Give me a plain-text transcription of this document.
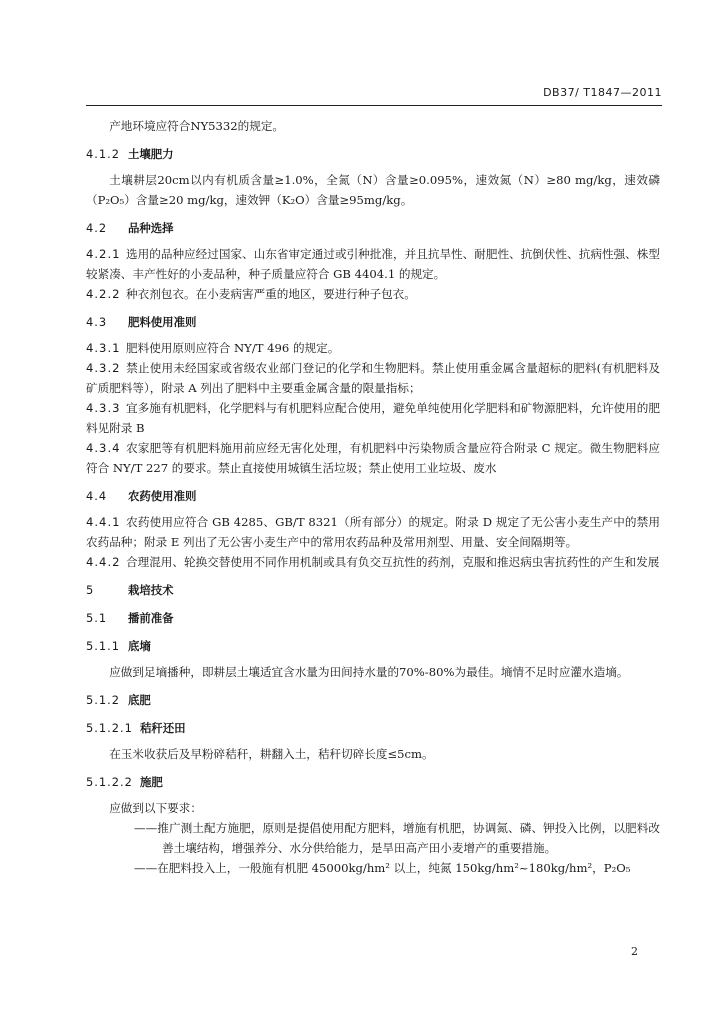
DB37/ T1847—2011

产地环境应符合NY5332的规定。

4.1.2 土壤肥力

土壤耕层20cm以内有机质含量≥1.0%，全氮（N）含量≥0.095%，速效氮（N）≥80 mg/kg，速效磷（P₂O₅）含量≥20 mg/kg，速效钾（K₂O）含量≥95mg/kg。

4.2 品种选择

4.2.1 选用的品种应经过国家、山东省审定通过或引种批准，并且抗旱性、耐肥性、抗倒伏性、抗病性强、株型较紧凑、丰产性好的小麦品种，种子质量应符合 GB 4404.1 的规定。

4.2.2 种衣剂包衣。在小麦病害严重的地区，要进行种子包衣。

4.3 肥料使用准则

4.3.1 肥料使用原则应符合 NY/T 496 的规定。

4.3.2 禁止使用未经国家或省级农业部门登记的化学和生物肥料。禁止使用重金属含量超标的肥料(有机肥料及矿质肥料等），附录 A 列出了肥料中主要重金属含量的限量指标；

4.3.3 宜多施有机肥料，化学肥料与有机肥料应配合使用，避免单纯使用化学肥料和矿物源肥料，允许使用的肥料见附录 B

4.3.4 农家肥等有机肥料施用前应经无害化处理，有机肥料中污染物质含量应符合附录 C 规定。微生物肥料应符合 NY/T 227 的要求。禁止直接使用城镇生活垃圾；禁止使用工业垃圾、废水

4.4 农药使用准则

4.4.1 农药使用应符合 GB 4285、GB/T 8321（所有部分）的规定。附录 D 规定了无公害小麦生产中的禁用农药品种；附录 E 列出了无公害小麦生产中的常用农药品种及常用剂型、用量、安全间隔期等。

4.4.2 合理混用、轮换交替使用不同作用机制或具有负交互抗性的药剂，克服和推迟病虫害抗药性的产生和发展

5	栽培技术
5.1 播前准备
5.1.1 底墒

应做到足墒播种，即耕层土壤适宜含水量为田间持水量的70%-80%为最佳。墒情不足时应灌水造墒。

5.1.2 底肥
5.1.2.1 秸秆还田

在玉米收获后及早粉碎秸秆，耕翻入土，秸秆切碎长度≤5cm。

5.1.2.2 施肥

应做到以下要求：

——推广测土配方施肥，原则是提倡使用配方肥料，增施有机肥，协调氮、磷、钾投入比例，以肥料改善土壤结构，增强养分、水分供给能力，是旱田高产田小麦增产的重要措施。

——在肥料投入上，一般施有机肥 45000kg/hm² 以上，纯氮 150kg/hm²~180kg/hm²，P₂O₅

2
